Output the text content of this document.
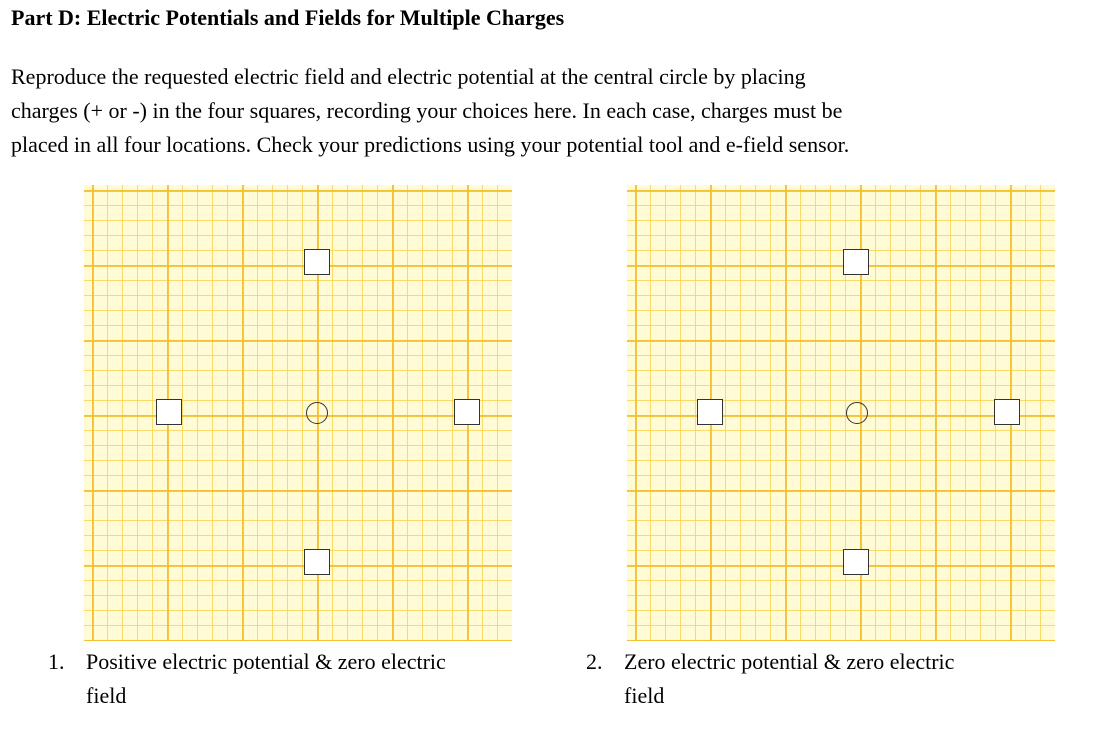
Part D: Electric Potentials and Fields for Multiple Charges
Reproduce the requested electric field and electric potential at the central circle by placing
charges (+ or -) in the four squares, recording your choices here. In each case, charges must be
placed in all four locations. Check your predictions using your potential tool and e-field sensor.
1. Positive electric potential & zero electric field
2. Zero electric potential & zero electric field
